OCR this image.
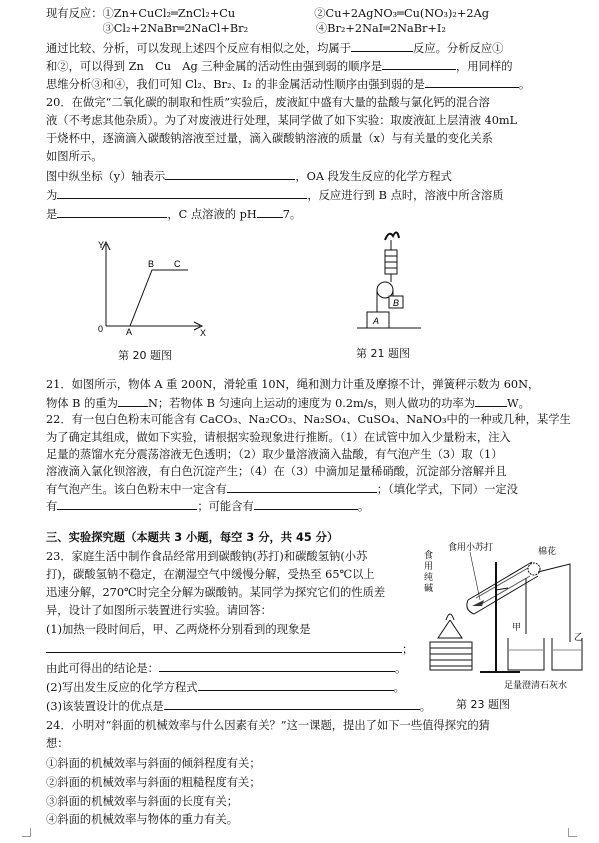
现有反应：①Zn+CuCl₂═ZnCl₂+Cu　　　　　　　②Cu+2AgNO₃═Cu(NO₃)₂+2Ag
　　　　　③Cl₂+2NaBr═2NaCl+Br₂　　　　　　④Br₂+2NaI═2NaBr+I₂
通过比较、分析，可以发现上述四个反应有相似之处，均属于	反应。分析反应①
和②，可以得到 Zn　Cu　Ag 三种金属的活动性由强到弱的顺序是	，用同样的
思维分析③和④，我们可知 Cl₂、Br₂、I₂ 的非金属活动性顺序由强到弱的是	。
20．在做完“二氧化碳的制取和性质”实验后，废液缸中盛有大量的盐酸与氯化钙的混合溶
液（不考虑其他杂质）。为了对废液进行处理，某同学做了如下实验：取废液缸上层清液 40mL
于烧杯中，逐滴滴入碳酸钠溶液至过量，滴入碳酸钠溶液的质量（x）与有关量的变化关系
如图所示。
图中纵坐标（y）轴表示	，OA 段发生反应的化学方程式
为	，反应进行到 B 点时，溶液中所含溶质
是	，C 点溶液的 pH 7。
Y
0	A
B C
X
第 20 题图
B
A
第 21 题图
21．如图所示，物体 A 重 200N，滑轮重 10N，绳和测力计重及摩擦不计，弹簧秤示数为 60N，
物体 B 的重为	N；若物体 B 匀速向上运动的速度为 0.2m/s，则人做功的功率为	W。
22．有一包白色粉末可能含有 CaCO₃、Na₂CO₃、Na₂SO₄、CuSO₄、NaNO₃中的一种或几种，某学生
为了确定其组成，做如下实验，请根据实验现象进行推断。（1）在试管中加入少量粉末，注入
足量的蒸馏水充分震荡溶液无色透明；（2）取少量溶液滴入盐酸，有气泡产生（3）取（1）
溶液滴入氯化钡溶液，有白色沉淀产生；（4）在（3）中滴加足量稀硝酸，沉淀部分溶解并且
有气泡产生。该白色粉末中一定含有	；（填化学式，下同）一定没
有	；可能含有	。
三、实验探究题（本题共 3 小题，每空 3 分，共 45 分）
23．家庭生活中制作食品经常用到碳酸钠(苏打)和碳酸氢钠(小苏
打)，碳酸氢钠不稳定，在潮湿空气中缓慢分解，受热至 65℃以上
迅速分解，270℃时完全分解为碳酸钠。某同学为探究它们的性质差
异，设计了如图所示装置进行实验。请回答：
(1)加热一段时间后，甲、乙两烧杯分别看到的现象是
；
由此可得出的结论是：	。
(2)写出发生反应的化学方程式	。
(3)该装置设计的优点是	。
食用小苏打	棉花
食
用
纯
碱
甲
乙
足量澄清石灰水
第 23 题图
24．小明对“斜面的机械效率与什么因素有关？”这一课题，提出了如下一些值得探究的猜
想：
①斜面的机械效率与斜面的倾斜程度有关；
②斜面的机械效率与斜面的粗糙程度有关；
③斜面的机械效率与斜面的长度有关；
④斜面的机械效率与物体的重力有关。
